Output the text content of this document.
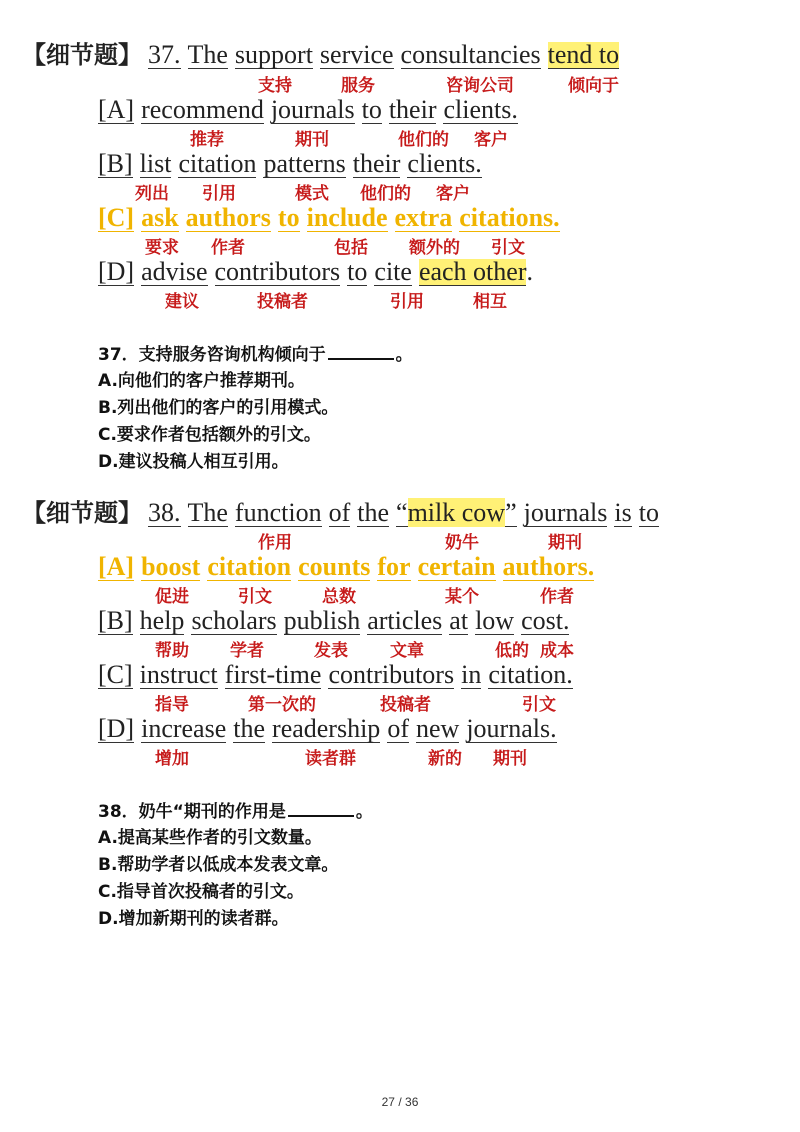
【细节题】 37. The support service consultancies tend to
支持	服务	咨询公司	倾向于
[A] recommend journals to their clients.
推荐	期刊	他们的 客户
[B] list citation patterns their clients.
列出 引用	模式 他们的 客户
[C] ask authors to include extra citations.
要求 作者	包括 额外的 引文
[D] advise contributors to cite each other.
建议	投稿者	引用	相互
37．支持服务咨询机构倾向于	。
A.向他们的客户推荐期刊。
B.列出他们的客户的引用模式。
C.要求作者包括额外的引文。
D.建议投稿人相互引用。
【细节题】 38. The function of the “milk cow” journals is to
作用	奶牛	期刊
[A] boost citation counts for certain authors.
促进	引文	总数	某个	作者
[B] help scholars publish articles at low cost.
帮助 学者	发表 文章	低的 成本
[C] instruct first-time contributors in citation.
指导	第一次的	投稿者	引文
[D] increase the readership of new journals.
增加	读者群	新的 期刊
38．奶牛“期刊的作用是	。
A.提高某些作者的引文数量。
B.帮助学者以低成本发表文章。
C.指导首次投稿者的引文。
D.增加新期刊的读者群。
27 / 36
